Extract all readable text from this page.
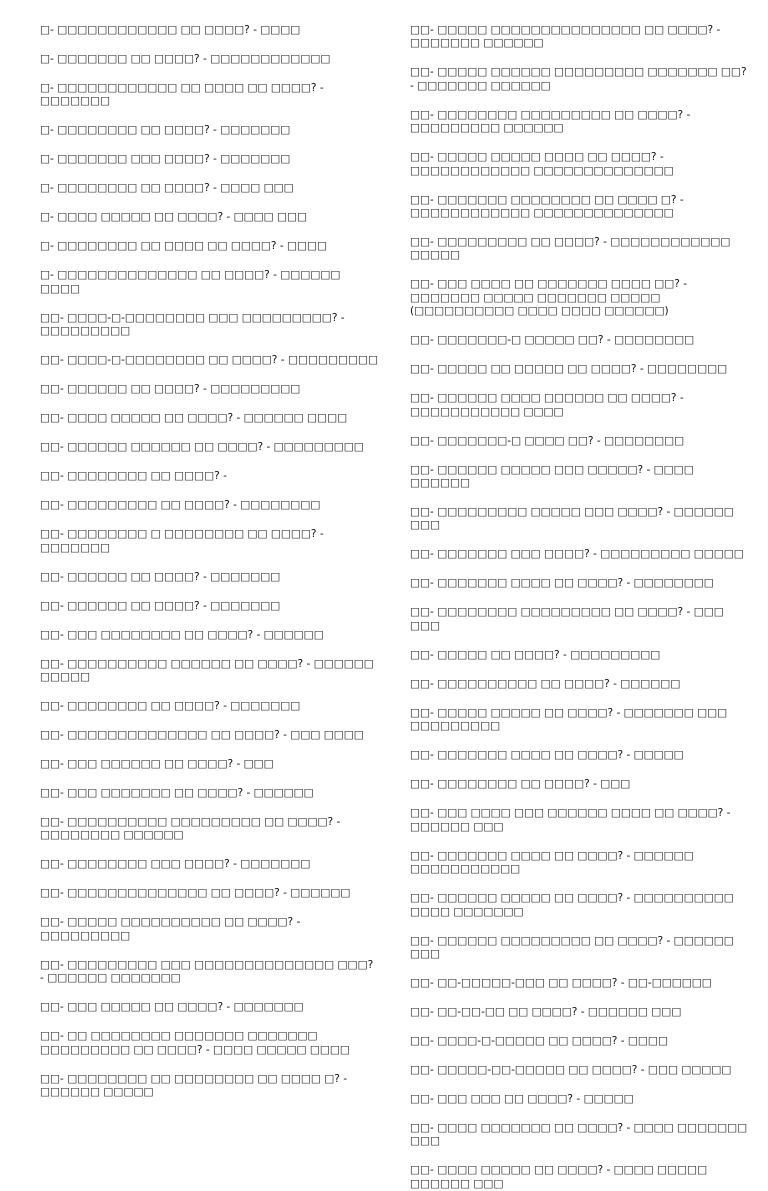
□- □□□□□□□□□□□□ □□ □□□□? - □□□□
□- □□□□□□□ □□ □□□□? - □□□□□□□□□□□□
□- □□□□□□□□□□□□ □□ □□□□ □□ □□□□? - □□□□□□□
□- □□□□□□□□ □□ □□□□? - □□□□□□□
□- □□□□□□□ □□□ □□□□? - □□□□□□□
□- □□□□□□□□ □□ □□□□? - □□□□ □□□
□- □□□□ □□□□□ □□ □□□□? - □□□□ □□□
□- □□□□□□□□ □□ □□□□ □□ □□□□? - □□□□
□- □□□□□□□□□□□□□□ □□ □□□□? - □□□□□□ □□□□
□□- □□□□-□-□□□□□□□□ □□□ □□□□□□□□□? - □□□□□□□□□
□□- □□□□-□-□□□□□□□□ □□ □□□□? - □□□□□□□□□
□□- □□□□□□ □□ □□□□? - □□□□□□□□□
□□- □□□□ □□□□□ □□ □□□□? - □□□□□□ □□□□
□□- □□□□□□ □□□□□□ □□ □□□□? - □□□□□□□□□
□□- □□□□□□□□ □□ □□□□? -
□□- □□□□□□□□□ □□ □□□□? - □□□□□□□□
□□- □□□□□□□□ □ □□□□□□□□ □□ □□□□? - □□□□□□□
□□- □□□□□□ □□ □□□□? - □□□□□□□
□□- □□□□□□ □□ □□□□? - □□□□□□□
□□- □□□ □□□□□□□□ □□ □□□□? - □□□□□□
□□- □□□□□□□□□□ □□□□□□ □□ □□□□? - □□□□□□ □□□□□
□□- □□□□□□□□ □□ □□□□? - □□□□□□□
□□- □□□□□□□□□□□□□□ □□ □□□□? - □□□ □□□□
□□- □□□ □□□□□□ □□ □□□□? - □□□
□□- □□□ □□□□□□□ □□ □□□□? - □□□□□□
□□- □□□□□□□□□□ □□□□□□□□□ □□ □□□□? - □□□□□□□□ □□□□□□
□□- □□□□□□□□ □□□ □□□□? - □□□□□□□
□□- □□□□□□□□□□□□□□ □□ □□□□? - □□□□□□
□□- □□□□□ □□□□□□□□□□ □□ □□□□? - □□□□□□□□□
□□- □□□□□□□□□ □□□ □□□□□□□□□□□□□□ □□□? - □□□□□□ □□□□□□□
□□- □□□ □□□□□ □□ □□□□? - □□□□□□□
□□- □□ □□□□□□□□ □□□□□□□ □□□□□□□ □□□□□□□□□ □□ □□□□? - □□□□ □□□□□ □□□□
□□- □□□□□□□□ □□ □□□□□□□□ □□ □□□□ □? - □□□□□□ □□□□□
□□- □□□□□ □□□□□□□□□□□□□□□ □□ □□□□? - □□□□□□□ □□□□□□
□□- □□□□□ □□□□□□ □□□□□□□□□ □□□□□□□ □□? - □□□□□□□ □□□□□□
□□- □□□□□□□□ □□□□□□□□□ □□ □□□□? - □□□□□□□□□ □□□□□□
□□- □□□□□ □□□□□ □□□□ □□ □□□□? - □□□□□□□□□□□□ □□□□□□□□□□□□□□
□□- □□□□□□□ □□□□□□□□ □□ □□□□ □? - □□□□□□□□□□□□ □□□□□□□□□□□□□□
□□- □□□□□□□□□ □□ □□□□? - □□□□□□□□□□□□ □□□□□
□□- □□□ □□□□ □□ □□□□□□□ □□□□ □□? - □□□□□□□ □□□□□ □□□□□□□ □□□□□ (□□□□□□□□□□ □□□□ □□□□ □□□□□□)
□□- □□□□□□□-□ □□□□□ □□? - □□□□□□□□
□□- □□□□□ □□ □□□□□ □□ □□□□? - □□□□□□□□
□□- □□□□□□ □□□□ □□□□□□ □□ □□□□? - □□□□□□□□□□□ □□□□
□□- □□□□□□□-□ □□□□ □□? - □□□□□□□□
□□- □□□□□□ □□□□□ □□□ □□□□□? - □□□□ □□□□□□
□□- □□□□□□□□□ □□□□□ □□□ □□□□? - □□□□□□ □□□
□□- □□□□□□□ □□□ □□□□? - □□□□□□□□□ □□□□□
□□- □□□□□□□ □□□□ □□ □□□□? - □□□□□□□□
□□- □□□□□□□□ □□□□□□□□□ □□ □□□□? - □□□ □□□
□□- □□□□□ □□ □□□□? - □□□□□□□□□
□□- □□□□□□□□□□ □□ □□□□? - □□□□□□
□□- □□□□□ □□□□□ □□ □□□□? - □□□□□□□ □□□ □□□□□□□□□
□□- □□□□□□□ □□□□ □□ □□□□? - □□□□□
□□- □□□□□□□□ □□ □□□□? - □□□
□□- □□□ □□□□ □□□ □□□□□□ □□□□ □□ □□□□? - □□□□□□ □□□
□□- □□□□□□□ □□□□ □□ □□□□? - □□□□□□ □□□□□□□□□□□
□□- □□□□□□ □□□□□ □□ □□□□? - □□□□□□□□□□ □□□□ □□□□□□□
□□- □□□□□□ □□□□□□□□□ □□ □□□□? - □□□□□□ □□□
□□- □□-□□□□□-□□□ □□ □□□□? - □□-□□□□□□
□□- □□-□□-□□ □□ □□□□? - □□□□□□ □□□
□□- □□□□-□-□□□□□ □□ □□□□? - □□□□
□□- □□□□□-□□-□□□□□ □□ □□□□? - □□□ □□□□□
□□- □□□ □□□ □□ □□□□? - □□□□□
□□- □□□□ □□□□□□□ □□ □□□□? - □□□□ □□□□□□□ □□□
□□- □□□□ □□□□□ □□ □□□□? - □□□□ □□□□□ □□□□□□ □□□
